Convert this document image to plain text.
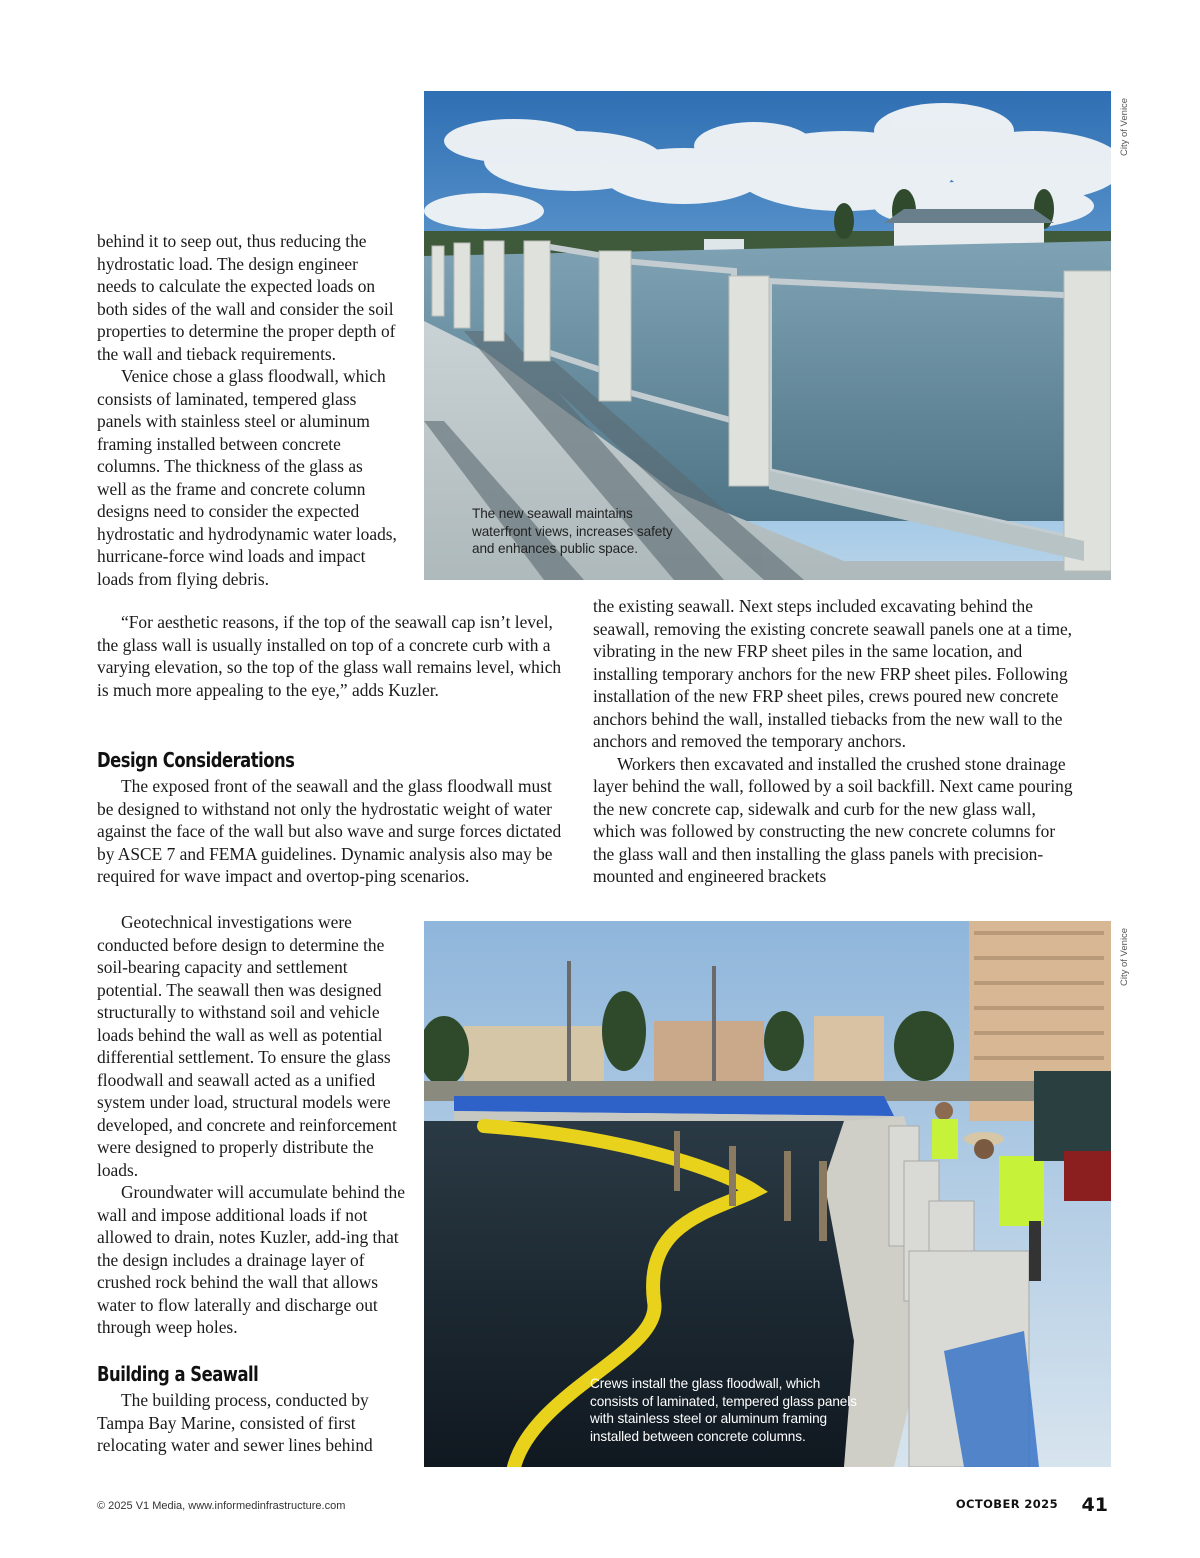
City of Venice
The new seawall maintains
waterfront views, increases safety
and enhances public space.

behind it to seep out, thus reducing the hydrostatic load. The design engineer needs to calculate the expected loads on both sides of the wall and consider the soil properties to determine the proper depth of the wall and tieback requirements.

Venice chose a glass floodwall, which consists of laminated, tempered glass panels with stainless steel or aluminum framing installed between concrete columns. The thickness of the glass as well as the frame and concrete column designs need to consider the expected hydrostatic and hydrodynamic water loads, hurricane-force wind loads and impact loads from flying debris.

“For aesthetic reasons, if the top of the seawall cap isn’t level, the glass wall is usually installed on top of a concrete curb with a varying elevation, so the top of the glass wall remains level, which is much more appealing to the eye,” adds Kuzler.

Design Considerations

The exposed front of the seawall and the glass floodwall must be designed to withstand not only the hydrostatic weight of water against the face of the wall but also wave and surge forces dictated by ASCE 7 and FEMA guidelines. Dynamic analysis also may be required for wave impact and overtop-ping scenarios.

Geotechnical investigations were conducted before design to determine the soil-bearing capacity and settlement potential. The seawall then was designed structurally to withstand soil and vehicle loads behind the wall as well as potential differential settlement. To ensure the glass floodwall and seawall acted as a unified system under load, structural models were developed, and concrete and reinforcement were designed to properly distribute the loads.

Groundwater will accumulate behind the wall and impose additional loads if not allowed to drain, notes Kuzler, add-ing that the design includes a drainage layer of crushed rock behind the wall that allows water to flow laterally and discharge out through weep holes.

Building a Seawall

The building process, conducted by Tampa Bay Marine, consisted of first relocating water and sewer lines behind

the existing seawall. Next steps included excavating behind the seawall, removing the existing concrete seawall panels one at a time, vibrating in the new FRP sheet piles in the same location, and installing temporary anchors for the new FRP sheet piles. Following installation of the new FRP sheet piles, crews poured new concrete anchors behind the wall, installed tiebacks from the new wall to the anchors and removed the temporary anchors.

Workers then excavated and installed the crushed stone drainage layer behind the wall, followed by a soil backfill. Next came pouring the new concrete cap, sidewalk and curb for the new glass wall, which was followed by constructing the new concrete columns for the glass wall and then installing the glass panels with precision-mounted and engineered brackets

City of Venice
Crews install the glass floodwall, which
consists of laminated, tempered glass panels
with stainless steel or aluminum framing
installed between concrete columns.
© 2025 V1 Media, www.informedinfrastructure.com	OCTOBER 2025 41
